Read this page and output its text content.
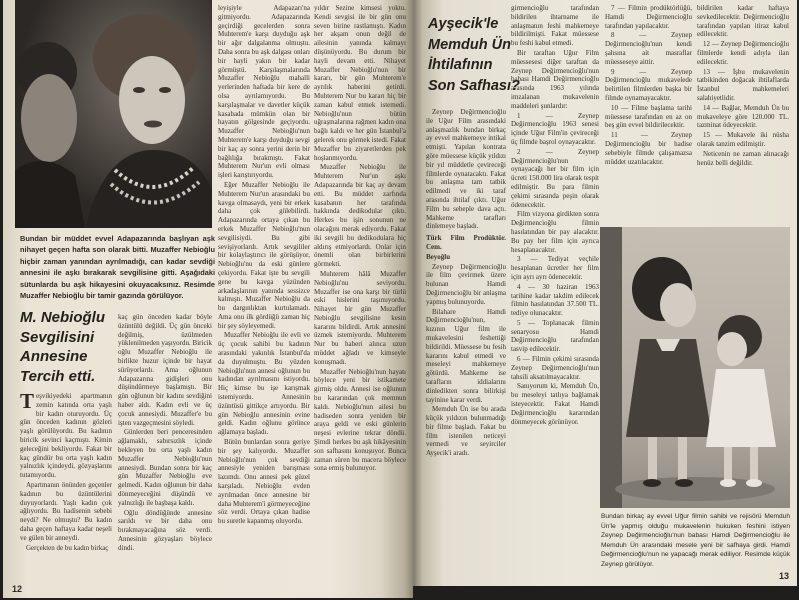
Bundan bir müddet evvel Adapazarında başlıyan aşk nihayet geçen hafta son olarak bitti. Muzaffer Nebioğlu hiçbir zaman yanından ayrılmadığı, can kadar sevdiği annesini ile aşkı bırakarak sevgilisine gitti. Aşağıdaki sütunlarda bu aşk hikayesini okuyacaksınız. Resimde Muzaffer Nebioğlu bir tamir gazında görülüyor.
M. Nebioğlu
Sevgilisini
Annesine
Tercih etti.

Teşvikiyedeki apartmanın zemin katında orta yaşlı bir kadın oturuyordu. Üç gün önceden kadının gözleri yaşlı görülüyordu. Bu kadının biricik sevinci kaçmıştı. Kimin geleceğini bekliyordu. Fakat bir kaç gündür bu orta yaşlı kadın yalnızlık içindeydi, gözyaşlarını tutamıyordu.

Apartmanın önünden geçenler kadının bu üzüntülerini duyuyorlardı. Yaşlı kadın çok ağlıyordu. Bu hadisenin sebebi neydi? Ne olmuştu? Bu kadın daha geçen haftaya kadar neşeli ve gülen bir anneydi.

Gerçekten de bu kadın birkaç

kaç gün önceden kadar böyle üzüntülü değildi. Üç gün önceki değilmiş, üzülmeden yüklenilmeden yaşıyordu. Biricik oğlu Muzaffer Nebioğlu ile birlikte huzur içinde bir hayat sürüyorlardı. Ama oğlunun Adapazarına gidişleri onu düşündürmeye başlamıştı. Bir gün oğlunun bir kadını sevdiğini haber aldı. Kadın evli ve üç çocuk annesiydi. Muzaffer'e bu işten vazgeçmesini söyledi.

Günlerden beri penceresinden ağlamaklı, sabırsızlık içinde bekleyen bu orta yaşlı kadın Muzaffer Nebioğlu'nun annesiydi. Bundan sonra bir kaç gün Muzaffer Nebioğlu eve gelmedi. Kadın oğlunun bir daha dönmeyeceğini düşündü ve yalnızlığı ile başbaşa kaldı.

Oğlu döndüğünde annesine sarıldı ve bir daha onu bırakmayacağına söz verdi. Annesinin gözyaşları böylece dindi.

leyişiyle Adapazarı'na gitmiyordu. Adapazarında geçirdiği gecelerden sonra Muhterem'e karşı duyduğu aşk bir ağır dalgalanma olmuştu. Daha sonra bu aşk dalgası onları bir hayli yakın bir kadar görmüştü. Karşılaşmalarında Muzaffer Nebioğlu mahalli yerlerinden haftada bir kere de olsa ayrılamıyordu. Bu karşılaşmalar ve davetler küçük kasabada mümkün olan bir hayatın gölgesinde geçiyordu. Muzaffer Nebioğlu'nun Muhterem'e karşı duyduğu sevgi bir kaç ay sonra yerini derin bir bağlılığa bırakmıştı. Fakat Muhterem Nur'un evli olması işleri karıştırıyordu.

Eğer Muzaffer Nebioğlu ile Muhterem Nur'un arasındaki bu kavga olmasaydı, yeni bir erkek daha çok gülebilirdi. Adapazarında ortaya çıkan bu erkek Muzaffer Nebioğlu'nun sevgilisiydi. Bu gibi sevişiyorlardı. Artık sevgililer bir kolaylaştırıcı ile görüşüyor, Nebioğlu'nu da eski günlere çekiyordu. Fakat işte bu sevgili gene bu kavga yüzünden arkadaşlarının yanında sessizce kalmıştı. Muzaffer Nebioğlu da bu dargınlıktan kurtulamadı. Ama onu ilk gördüğü zaman hiç bir şey söyleyemedi.

Muzaffer Nebioğlu ile evli ve üç çocuk sahibi bu kadının arasındaki yakınlık İstanbul'da da duyulmuştu. Bu yüzden Nebioğlu'nun annesi oğlunun bu kadından ayrılmasını istiyordu. Hiç kimse bu işe karışmak istemiyordu. Annesinin üzüntüsü gittikçe artıyordu. Bir gün Nebioğlu annesinin evine geldi. Kadın oğlunu görünce ağlamaya başladı.

Bütün bunlardan sonra geriye bir şey kalıyordu. Muzaffer Nebioğlu'nun çok sevdiği annesiyle yeniden barışması lazımdı. Onu annesi pek güzel karşıladı. Nebioğlu evden ayrılmadan önce annesine bir daha Muhterem'i görmeyeceğine söz verdi. Ortaya çıkan hadise bu suretle kapanmış oluyordu.

yıldır Sezine kimsesi yoktu. Kendi sevgisi ile bir gün onu seven birine rastlamıştı. Kadın her akşam onun değil de ailesinin yanında kalmayı düşünüyordu. Bu durum bir hayli devam etti. Nihayet Muzaffer Nebioğlu'nun bir kararı, bir gün Muhterem'e ayrılık haberini getirdi. Muhterem Nur bu kararı hiç bir zaman kabul etmek istemedi. Nebioğlu'nun bütün uğraşmalarına rağmen kadın ona bağlı kaldı ve her gün İstanbul'a gelerek onu görmek istedi. Fakat Muzaffer bu ziyaretlerden pek hoşlanmıyordu.

Muzaffer Nebioğlu ile Muhterem Nur'un aşkı Adapazarında bir kaç ay devam etti. Bu müddet zarfında kasabanın her tarafında hakkında dedikodular çıktı. Herkes bu işin sonunun ne olacağını merak ediyordu. Fakat iki sevgili bu dedikodulara hiç aldırış etmiyorlardı. Onlar için önemli olan birbirlerini görmekti.

Muhterem hâlâ Muzaffer Nebioğlu'nu seviyordu. Muzaffer ise ona karşı bir türlü eski hislerini taşımıyordu. Nihayet bir gün Muzaffer Nebioğlu sevgilisine kesin kararını bildirdi. Artık annesini üzmek istemiyordu. Muhterem Nur bu haberi alınca uzun müddet ağladı ve kimseyle konuşmadı.

Muzaffer Nebioğlu'nun hayatı böylece yeni bir istikamete girmiş oldu. Annesi ise oğlunun bu kararından çok memnun kaldı. Nebioğlu'nun ailesi bu hadiseden sonra yeniden bir araya geldi ve eski günlerin neşesi evlerine tekrar döndü. Şimdi herkes bu aşk hikâyesinin son safhasını konuşuyor. Bunca zaman süren bu macera böylece sona ermiş bulunuyor.

12
Ayşecik'le
Memduh Ün
İhtilafının
Son Safhası?

Zeynep Değirmencioğlu ile Uğur Film arasındaki anlaşmazlık bundan birkaç ay evvel mahkemeye intikal etmişti. Yapılan kontrata göre müessese küçük yıldızı bir yıl müddetle çevireceği filmlerde oynatacaktı. Fakat bu anlaşma tam tatbik edilmedi ve iki taraf arasında ihtilaf çıktı. Uğur Film bu sebeple dava açtı. Mahkeme tarafları dinlemeye başladı.

Türk Film Prodüktör. Cem.

Beyoğlu

Zeynep Değirmencioğlu ile film çevirmek üzere bulunan Hamdi Değirmencioğlu bir anlaşma yapmış bulunuyordu.

Bilahare Hamdi Değirmencioğlu'nun, kızının Uğur film ile mukavelesini feshettiği bildirildi. Müessese bu fesih kararını kabul etmedi ve meseleyi mahkemeye götürdü. Mahkeme ise tarafların iddialarını dinledikten sonra bilirkişi tayinine karar verdi.

Memduh Ün ise bu arada küçük yıldızın bulunmadığı bir filme başladı. Fakat bu film istenilen neticeyi vermedi ve seyirciler Ayşecik'i aradı.

girmencioğlu tarafından bildirilen ihtarname ile anlaşmanın feshi mahkemeye bildirilmişti. Fakat müessese bu feshi kabul etmedi.

Bir taraftan Uğur Film müessesesi diğer taraftan da Zeynep Değirmencioğlu'nun babası Hamdi Değirmencioğlu arasında 1963 yılında imzalanan mukavelenin maddeleri şunlardır:

1 — Zeynep Değirmencioğlu 1963 senesi içinde Uğur Film'in çevireceği üç filmde başrol oynayacaktır.

2 — Zeynep Değirmencioğlu'nun oynayacağı her bir film için ücreti 150.000 lira olarak tespit edilmiştir. Bu para filmin çekimi sırasında peşin olarak ödenecektir.

Film vizyona girdikten sonra Değirmencioğlu filmin hasılatından bir pay alacaktır. Bu pay her film için ayrıca hesaplanacaktır.

3 — Tediyat veçhile hesaplanan ücretler her film için ayrı ayrı ödenecektir.

4 — 30 haziran 1963 tarihine kadar takdim edilecek filmin hasılatından 37.500 TL. tediye olunacaktır.

5 — Toplanacak filmin senaryosu Hamdi Değirmencioğlu tarafından tasvip edilecektir.

6 — Filmin çekimi sırasında Zeynep Değirmencioğlu'nun tahsili aksatılmayacaktır.

Sanıyorum ki, Memduh Ün, bu meseleyi tatlıya bağlamak isteyecektir. Fakat Hamdi Değirmencioğlu kararından dönmeyecek görünüyor.

7 — Filmin prodüktörlüğü, Hamdi Değirmencioğlu tarafından yapılacaktır.

8 — Zeynep Değirmencioğlu'nun kendi şahsına ait masraflar müesseseye aittir.

9 — Zeynep Değirmencioğlu mukavelede belirtilen filmlerden başka bir filmde oynamayacaktır.

10 — Filme başlama tarihi müessese tarafından en az on beş gün evvel bildirilecektir.

11 — Zeynep Değirmencioğlu bir hadise sebebiyle filmde çalışamazsa müddet uzatılacaktır.

bildirilen kadar haftaya sevkedilecektir. Değirmencioğlu tarafından yapılan itiraz kabul edilecektir.

12 — Zeynep Değirmencioğlu filmlerde kendi adıyla ilan edilecektir.

13 — İşbu mukavelenin tatbikinden doğacak ihtilaflarda İstanbul mahkemeleri salahiyetlidir.

14 — Bağlar, Memduh Ün bu mukaveleye göre 120.000 TL. tazminat ödeyecektir.

15 — Mukavele iki nüsha olarak tanzim edilmiştir.

Neticenin ne zaman alınacağı henüz belli değildir.

Bundan birkaç ay evvel Uğur filmin sahibi ve rejisörü Memduh Ün'le yapmış olduğu mukavelenin hukuken feshini istiyen Zeynep Değirmencioğlu'nun babası Hamdi Değirmencioğlu ile Memduh Ün arasındaki mesele yeni bir safhaya girdi. Hamdi Değirmencioğlu'nun ne yapacağı merak ediliyor. Resimde küçük Zeynep görülüyor.
13
